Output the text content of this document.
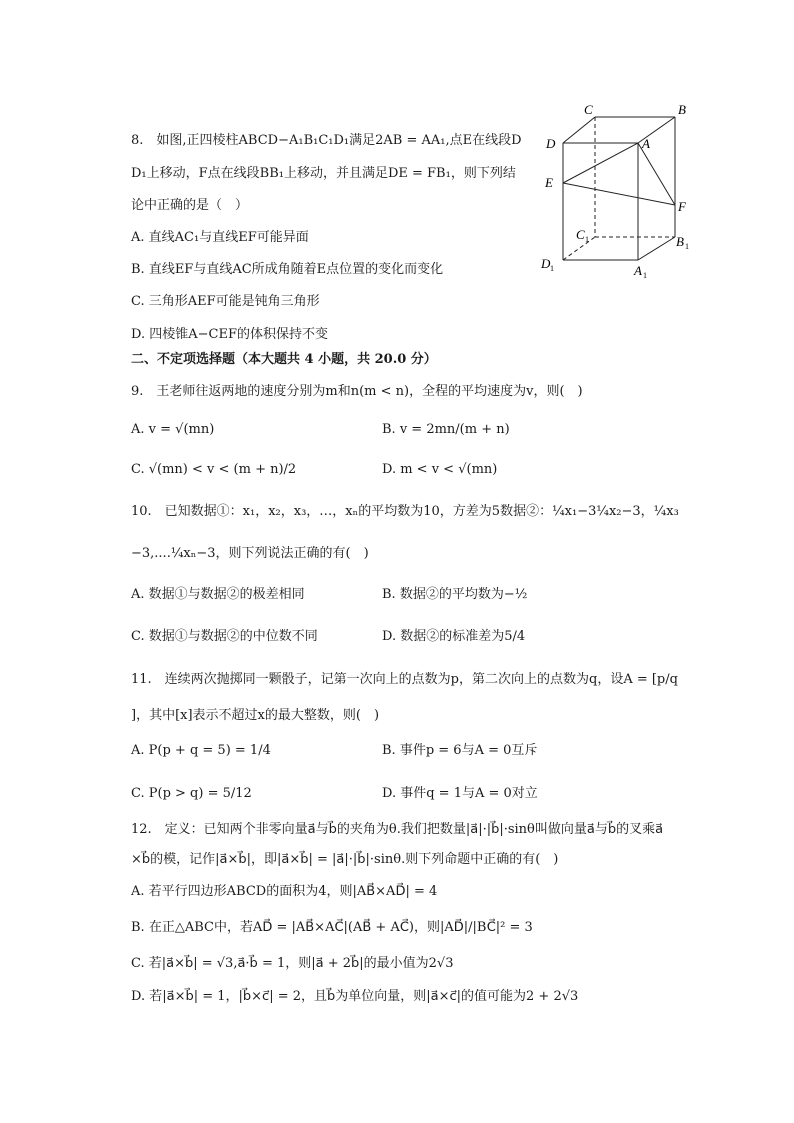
8.　如图,正四棱柱ABCD−A₁B₁C₁D₁满足2AB = AA₁,点E在线段D
D₁上移动，F点在线段BB₁上移动，并且满足DE = FB₁，则下列结
论中正确的是（　）
A. 直线AC₁与直线EF可能异面
B. 直线EF与直线AC所成角随着E点位置的变化而变化
C. 三角形AEF可能是钝角三角形
D. 四棱锥A−CEF的体积保持不变
C	B
D	A
E
F
C 1	B 1
D 1	A 1
二、不定项选择题（本大题共 4 小题，共 20.0 分）
9.　王老师往返两地的速度分别为m和n(m < n)，全程的平均速度为v，则(　)
A. v = √(mn)	B. v = 2mn/(m + n)
C. √(mn) < v < (m + n)/2	D. m < v < √(mn)
10.　已知数据①：x₁，x₂，x₃，…，xₙ的平均数为10，方差为5数据②：¼x₁−3¼x₂−3，¼x₃
−3,....¼xₙ−3，则下列说法正确的有(　)
A. 数据①与数据②的极差相同	B. 数据②的平均数为−½
C. 数据①与数据②的中位数不同	D. 数据②的标准差为5/4
11.　连续两次抛掷同一颗骰子，记第一次向上的点数为p，第二次向上的点数为q，设A = [p/q
]，其中[x]表示不超过x的最大整数，则(　)
A. P(p + q = 5) = 1/4	B. 事件p = 6与A = 0互斥
C. P(p > q) = 5/12	D. 事件q = 1与A = 0对立
12.　定义：已知两个非零向量a⃗与b⃗的夹角为θ.我们把数量|a⃗|·|b⃗|·sinθ叫做向量a⃗与b⃗的叉乘a⃗
×b⃗的模，记作|a⃗×b⃗|，即|a⃗×b⃗| = |a⃗|·|b⃗|·sinθ.则下列命题中正确的有(　)
A. 若平行四边形ABCD的面积为4，则|AB⃗×AD⃗| = 4
B. 在正△ABC中，若AD⃗ = |AB⃗×AC⃗|(AB⃗ + AC⃗)，则|AD⃗|/|BC⃗|² = 3
C. 若|a⃗×b⃗| = √3,a⃗·b⃗ = 1，则|a⃗ + 2b⃗|的最小值为2√3
D. 若|a⃗×b⃗| = 1，|b⃗×c⃗| = 2，且b⃗为单位向量，则|a⃗×c⃗|的值可能为2 + 2√3
